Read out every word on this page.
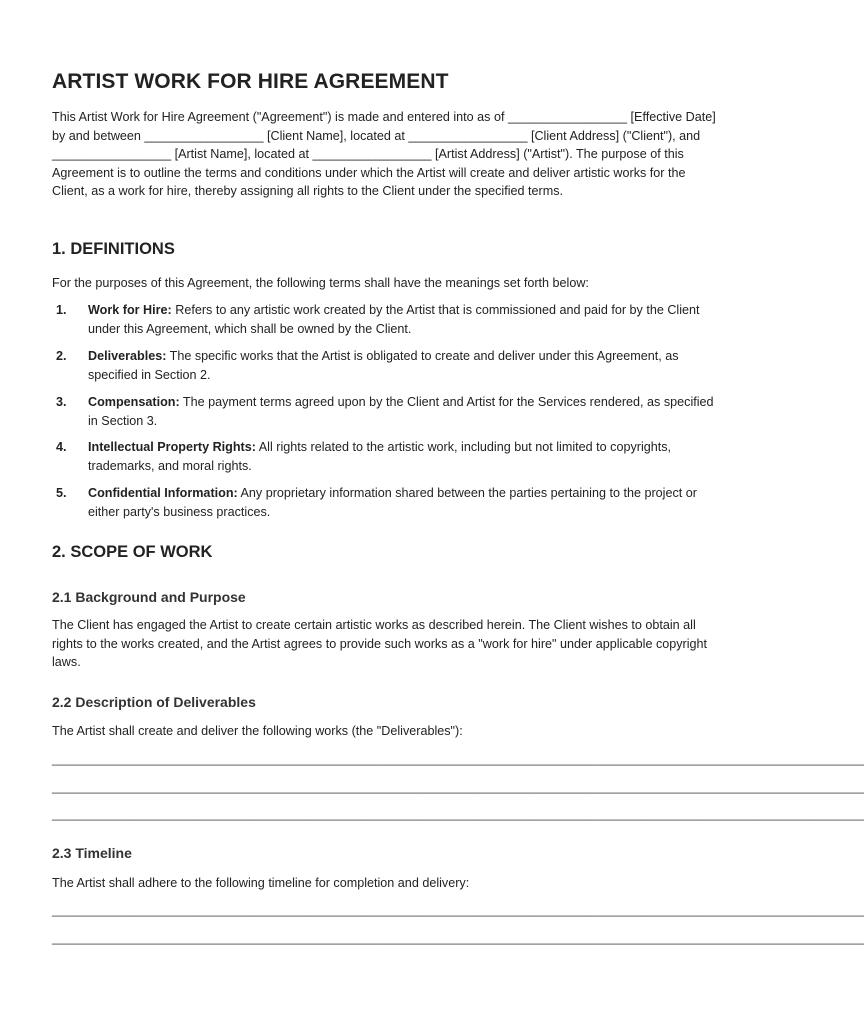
ARTIST WORK FOR HIRE AGREEMENT

This Artist Work for Hire Agreement ("Agreement") is made and entered into as of _________________ [Effective Date] by and between _________________ [Client Name], located at _________________ [Client Address] ("Client"), and _________________ [Artist Name], located at _________________ [Artist Address] ("Artist"). The purpose of this Agreement is to outline the terms and conditions under which the Artist will create and deliver artistic works for the Client, as a work for hire, thereby assigning all rights to the Client under the specified terms.

1. DEFINITIONS

For the purposes of this Agreement, the following terms shall have the meanings set forth below:

1. Work for Hire: Refers to any artistic work created by the Artist that is commissioned and paid for by the Client under this Agreement, which shall be owned by the Client.
2. Deliverables: The specific works that the Artist is obligated to create and deliver under this Agreement, as specified in Section 2.
3. Compensation: The payment terms agreed upon by the Client and Artist for the Services rendered, as specified in Section 3.
4. Intellectual Property Rights: All rights related to the artistic work, including but not limited to copyrights, trademarks, and moral rights.
5. Confidential Information: Any proprietary information shared between the parties pertaining to the project or either party's business practices.
2. SCOPE OF WORK
2.1 Background and Purpose

The Client has engaged the Artist to create certain artistic works as described herein. The Client wishes to obtain all rights to the works created, and the Artist agrees to provide such works as a "work for hire" under applicable copyright laws.

2.2 Description of Deliverables

The Artist shall create and deliver the following works (the "Deliverables"):

____________________________________________________________________________________________________________________
____________________________________________________________________________________________________________________
____________________________________________________________________________________________________________________
2.3 Timeline

The Artist shall adhere to the following timeline for completion and delivery:

____________________________________________________________________________________________________________________
____________________________________________________________________________________________________________________
